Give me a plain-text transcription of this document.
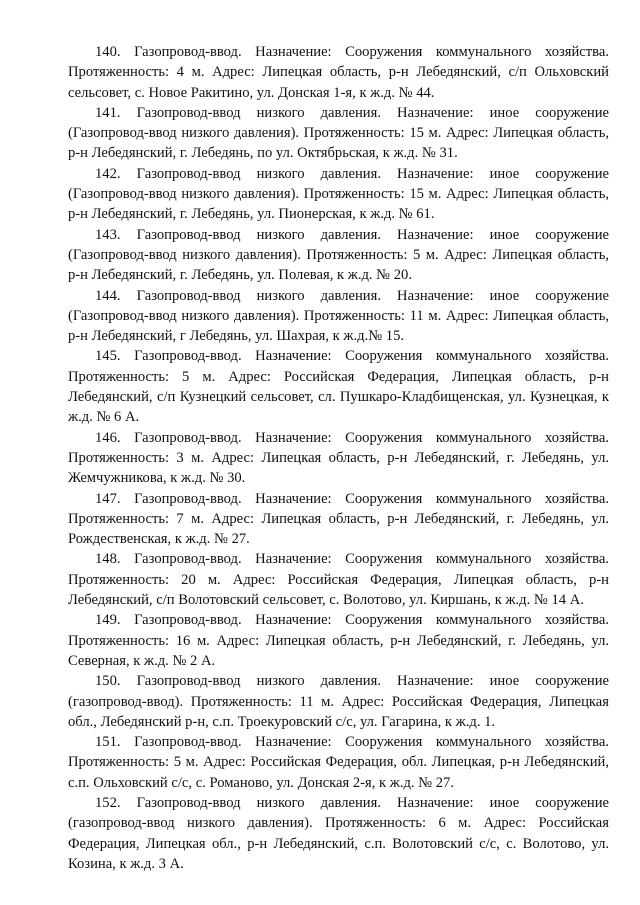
140. Газопровод-ввод. Назначение: Сооружения коммунального хозяйства. Протяженность: 4 м. Адрес: Липецкая область, р-н Лебедянский, с/п Ольховский сельсовет, с. Новое Ракитино, ул. Донская 1-я, к ж.д. № 44.

141. Газопровод-ввод низкого давления. Назначение: иное сооружение (Газопровод-ввод низкого давления). Протяженность: 15 м. Адрес: Липецкая область, р-н Лебедянский, г. Лебедянь, по ул. Октябрьская, к ж.д. № 31.

142. Газопровод-ввод низкого давления. Назначение: иное сооружение (Газопровод-ввод низкого давления). Протяженность: 15 м. Адрес: Липецкая область, р-н Лебедянский, г. Лебедянь, ул. Пионерская, к ж.д. № 61.

143. Газопровод-ввод низкого давления. Назначение: иное сооружение (Газопровод-ввод низкого давления). Протяженность: 5 м. Адрес: Липецкая область, р-н Лебедянский, г. Лебедянь, ул. Полевая, к ж.д. № 20.

144. Газопровод-ввод низкого давления. Назначение: иное сооружение (Газопровод-ввод низкого давления). Протяженность: 11 м. Адрес: Липецкая область, р-н Лебедянский, г Лебедянь, ул. Шахрая, к ж.д.№ 15.

145. Газопровод-ввод. Назначение: Сооружения коммунального хозяйства. Протяженность: 5 м. Адрес: Российская Федерация, Липецкая область, р-н Лебедянский, с/п Кузнецкий сельсовет, сл. Пушкаро-Кладбищенская, ул. Кузнецкая, к ж.д. № 6 А.

146. Газопровод-ввод. Назначение: Сооружения коммунального хозяйства. Протяженность: 3 м. Адрес: Липецкая область, р-н Лебедянский, г. Лебедянь, ул. Жемчужникова, к ж.д. № 30.

147. Газопровод-ввод. Назначение: Сооружения коммунального хозяйства. Протяженность: 7 м. Адрес: Липецкая область, р-н Лебедянский, г. Лебедянь, ул. Рождественская, к ж.д. № 27.

148. Газопровод-ввод. Назначение: Сооружения коммунального хозяйства. Протяженность: 20 м. Адрес: Российская Федерация, Липецкая область, р-н Лебедянский, с/п Волотовский сельсовет, с. Волотово, ул. Киршань, к ж.д. № 14 А.

149. Газопровод-ввод. Назначение: Сооружения коммунального хозяйства. Протяженность: 16 м. Адрес: Липецкая область, р-н Лебедянский, г. Лебедянь, ул. Северная, к ж.д. № 2 А.

150. Газопровод-ввод низкого давления. Назначение: иное сооружение (газопровод-ввод). Протяженность: 11 м. Адрес: Российская Федерация, Липецкая обл., Лебедянский р-н, с.п. Троекуровский с/с, ул. Гагарина, к ж.д. 1.

151. Газопровод-ввод. Назначение: Сооружения коммунального хозяйства. Протяженность: 5 м. Адрес: Российская Федерация, обл. Липецкая, р-н Лебедянский, с.п. Ольховский с/с, с. Романово, ул. Донская 2-я, к ж.д. № 27.

152. Газопровод-ввод низкого давления. Назначение: иное сооружение (газопровод-ввод низкого давления). Протяженность: 6 м. Адрес: Российская Федерация, Липецкая обл., р-н Лебедянский, с.п. Волотовский с/с, с. Волотово, ул. Козина, к ж.д. 3 А.
